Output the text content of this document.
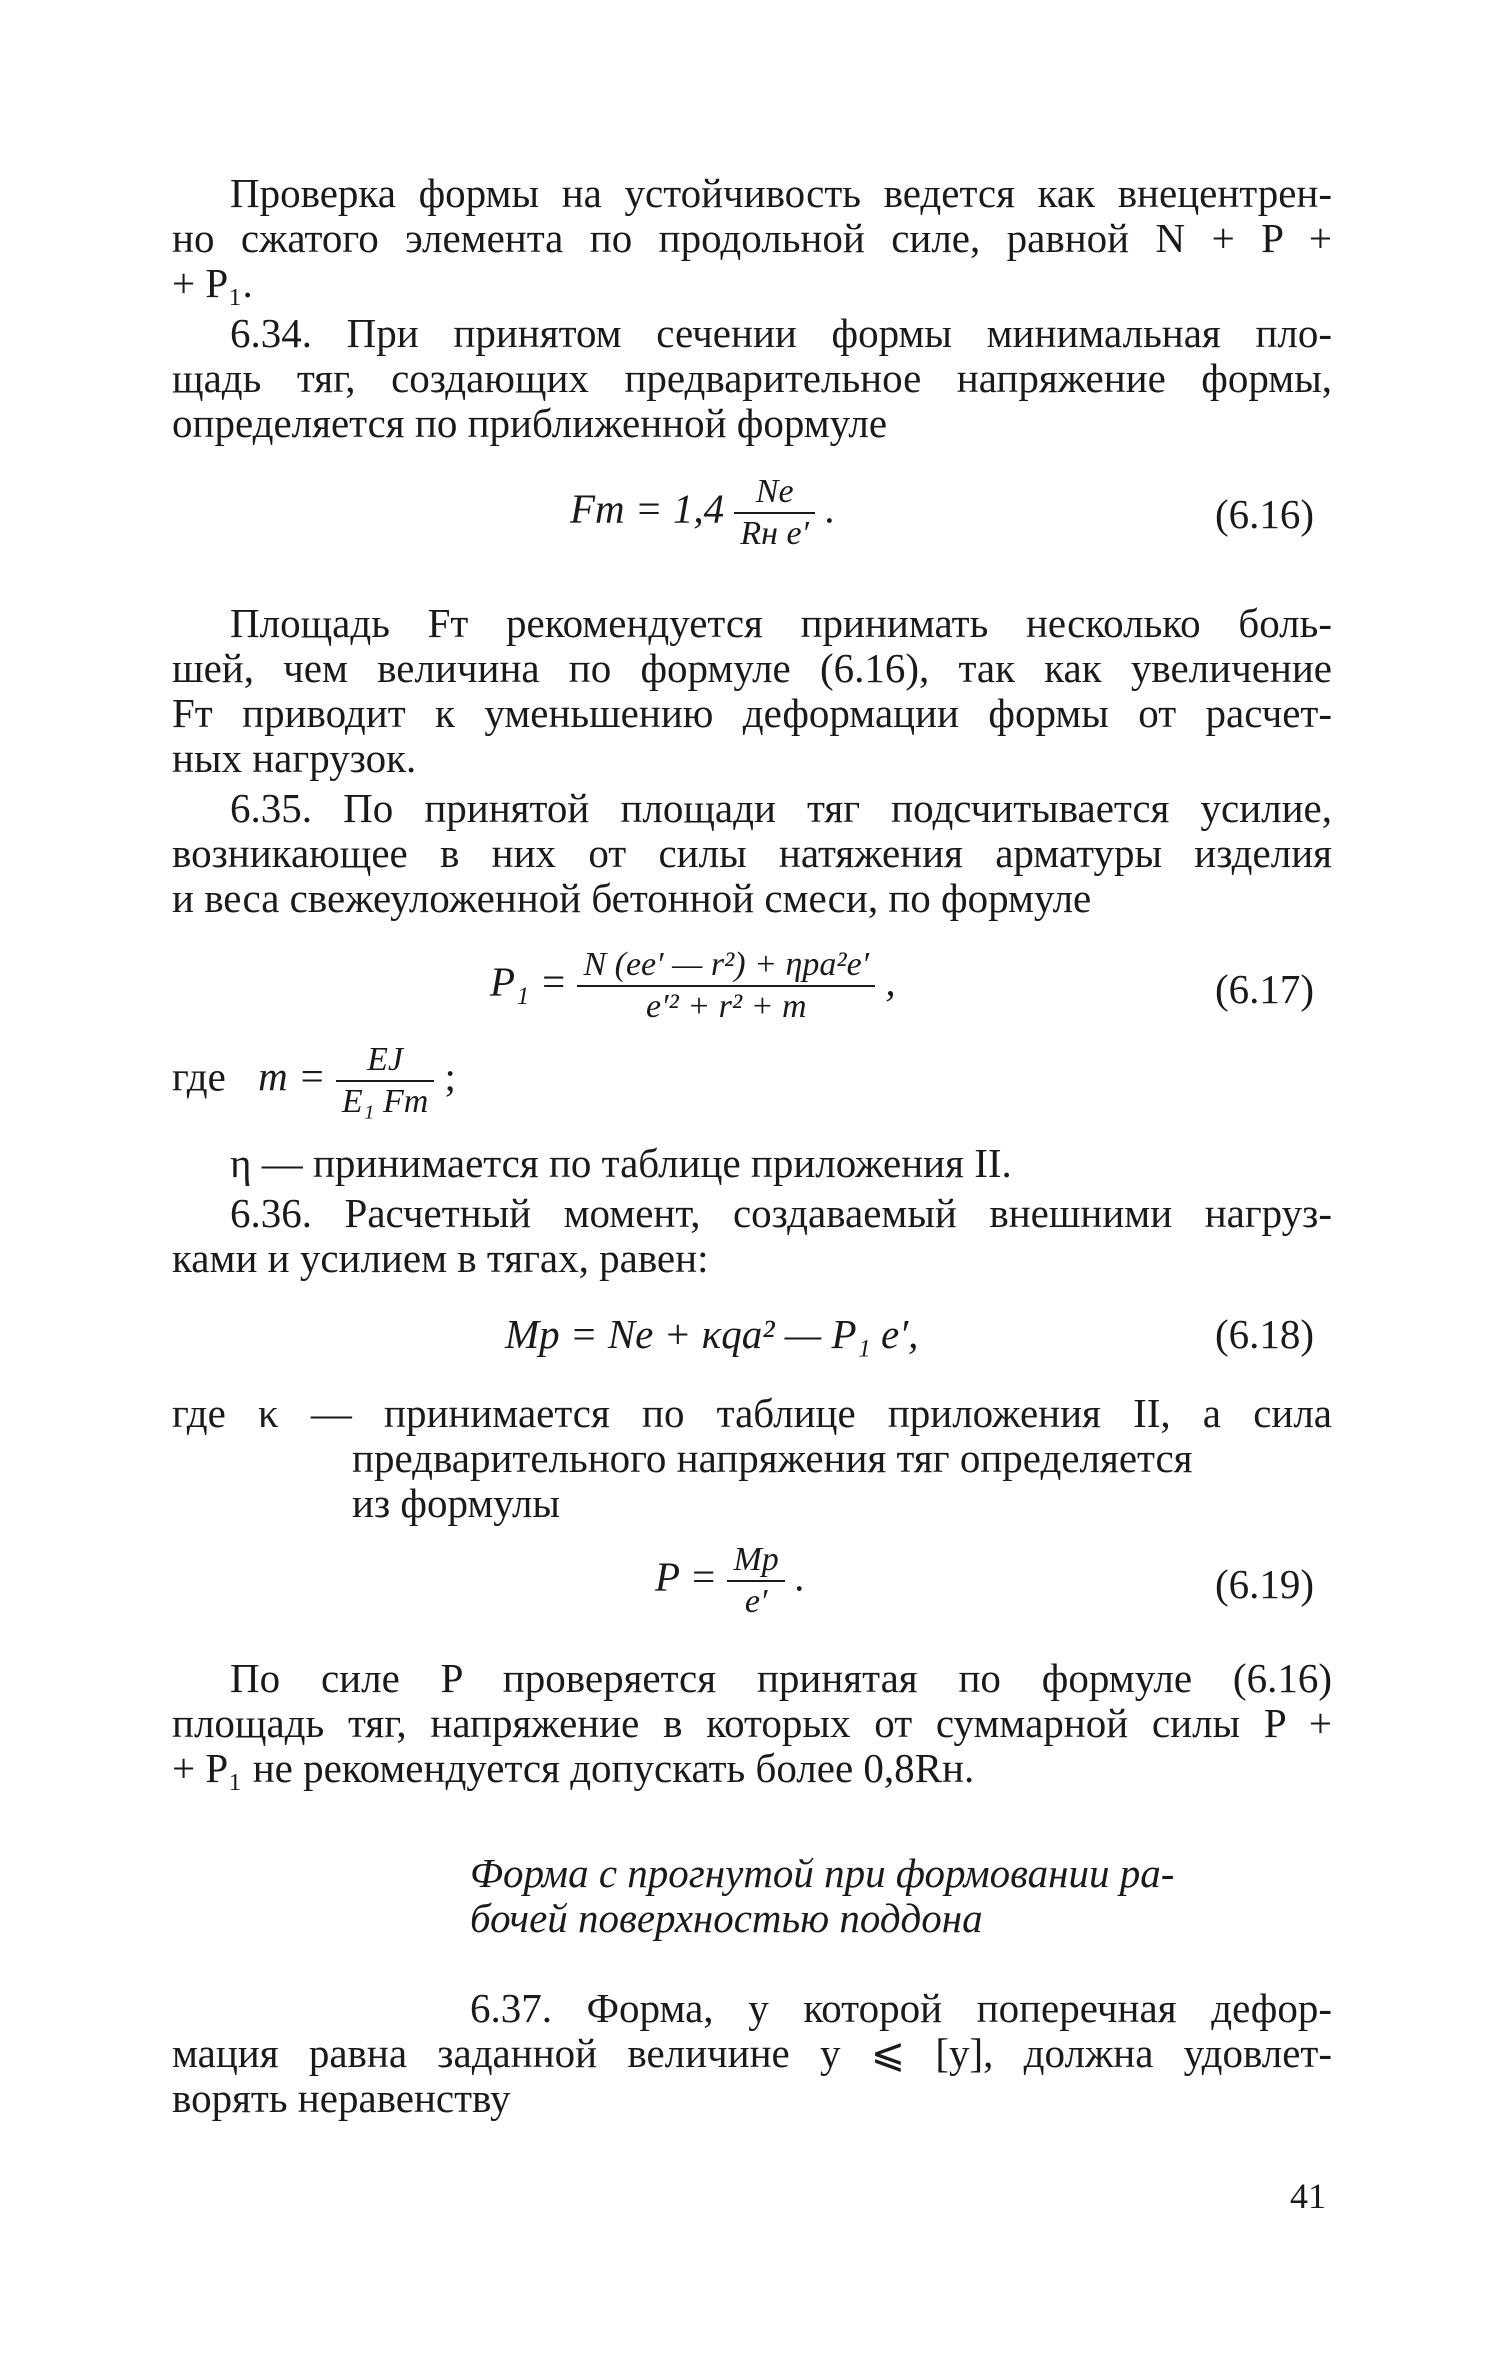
Проверка формы на устойчивость ведется как внецентрен-
но сжатого элемента по продольной силе, равной N + P +
+ P₁.
6.34. При принятом сечении формы минимальная пло-
щадь тяг, создающих предварительное напряжение формы,
определяется по приближенной формуле
Fт = $1,4 \frac{Ne}{\text{Rн e′}}$ .	(6.16)
Площадь Fт рекомендуется принимать несколько боль-
шей, чем величина по формуле (6.16), так как увеличение
Fт приводит к уменьшению деформации формы от расчет-
ных нагрузок.
6.35. По принятой площади тяг подсчитывается усилие,
возникающее в них от силы натяжения арматуры изделия
и веса свежеуложенной бетонной смеси, по формуле
$P_1 = \frac{\text{N (ee′ — r²) + ηpa²e′}}{\text{e′² + r² + m}}$ ,	(6.17)
где $m = \frac{EJ}{\text{E₁ Fт}}$ ;
η — принимается по таблице приложения II.
6.36. Расчетный момент, создаваемый внешними нагруз-
ками и усилием в тягах, равен:
Mр = Ne + κqa² — P₁ e′,	(6.18)
где κ — принимается по таблице приложения II, а сила
предварительного напряжения тяг определяется
из формулы
$P = \frac{Mр}{e'}$ .	(6.19)
По силе P проверяется принятая по формуле (6.16)
площадь тяг, напряжение в которых от суммарной силы P +
+ P₁ не рекомендуется допускать более 0,8Rн.
Форма с прогнутой при формовании ра-
бочей поверхностью поддона
6.37. Форма, у которой поперечная дефор-
мация равна заданной величине y ⩽ [y], должна удовлет-
ворять неравенству
41
